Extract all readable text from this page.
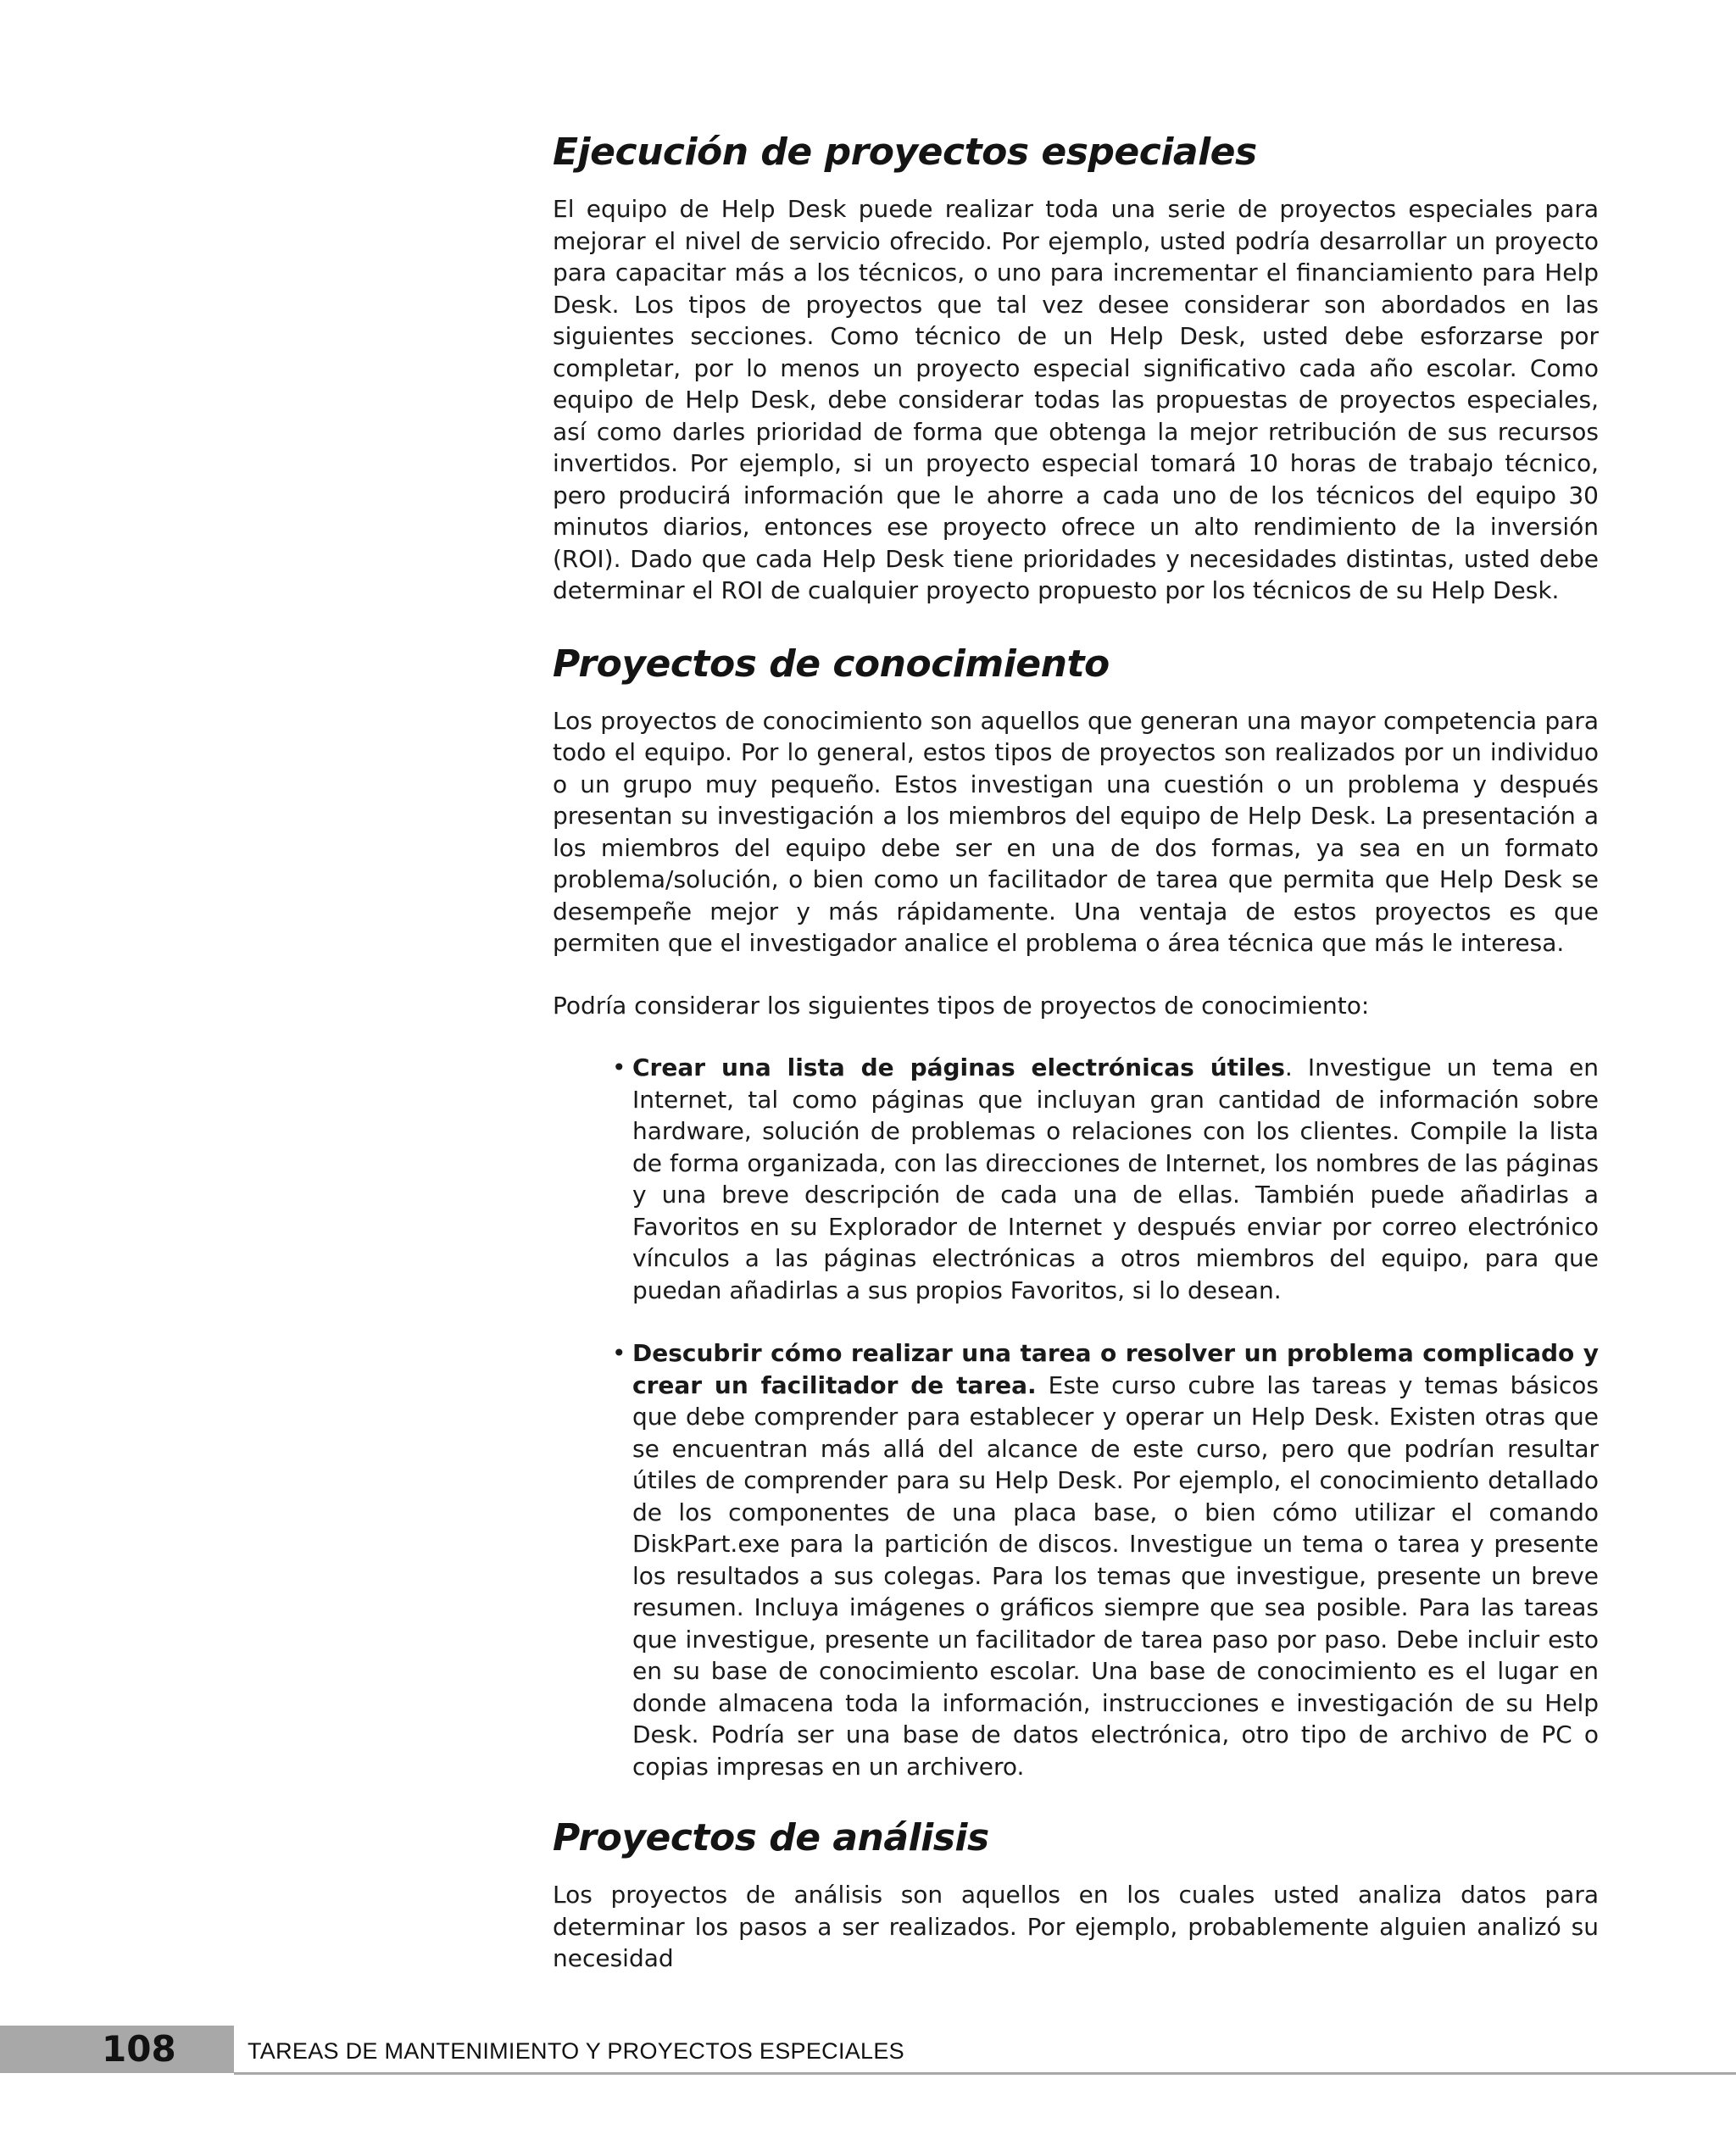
Ejecución de proyectos especiales

El equipo de Help Desk puede realizar toda una serie de proyectos especiales para mejorar el nivel de servicio ofrecido. Por ejemplo, usted podría desarrollar un proyecto para capacitar más a los técnicos, o uno para incrementar el financiamiento para Help Desk. Los tipos de proyectos que tal vez desee considerar son abordados en las siguientes secciones. Como técnico de un Help Desk, usted debe esforzarse por completar, por lo menos un proyecto especial significativo cada año escolar. Como equipo de Help Desk, debe considerar todas las propuestas de proyectos especiales, así como darles prioridad de forma que obtenga la mejor retribución de sus recursos invertidos. Por ejemplo, si un proyecto especial tomará 10 horas de trabajo técnico, pero producirá información que le ahorre a cada uno de los técnicos del equipo 30 minutos diarios, entonces ese proyecto ofrece un alto rendimiento de la inversión (ROI). Dado que cada Help Desk tiene prioridades y necesidades distintas, usted debe determinar el ROI de cualquier proyecto propuesto por los técnicos de su Help Desk.

Proyectos de conocimiento

Los proyectos de conocimiento son aquellos que generan una mayor competencia para todo el equipo. Por lo general, estos tipos de proyectos son realizados por un individuo o un grupo muy pequeño. Estos investigan una cuestión o un problema y después presentan su investigación a los miembros del equipo de Help Desk. La presentación a los miembros del equipo debe ser en una de dos formas, ya sea en un formato problema/solución, o bien como un facilitador de tarea que permita que Help Desk se desempeñe mejor y más rápidamente. Una ventaja de estos proyectos es que permiten que el investigador analice el problema o área técnica que más le interesa.

Podría considerar los siguientes tipos de proyectos de conocimiento:

• Crear una lista de páginas electrónicas útiles. Investigue un tema en Internet, tal como páginas que incluyan gran cantidad de información sobre hardware, solución de problemas o relaciones con los clientes. Compile la lista de forma organizada, con las direcciones de Internet, los nombres de las páginas y una breve descripción de cada una de ellas. También puede añadirlas a Favoritos en su Explorador de Internet y después enviar por correo electrónico vínculos a las páginas electrónicas a otros miembros del equipo, para que puedan añadirlas a sus propios Favoritos, si lo desean.
• Descubrir cómo realizar una tarea o resolver un problema complicado y crear un facilitador de tarea. Este curso cubre las tareas y temas básicos que debe comprender para establecer y operar un Help Desk. Existen otras que se encuentran más allá del alcance de este curso, pero que podrían resultar útiles de comprender para su Help Desk. Por ejemplo, el conocimiento detallado de los componentes de una placa base, o bien cómo utilizar el comando DiskPart.exe para la partición de discos. Investigue un tema o tarea y presente los resultados a sus colegas. Para los temas que investigue, presente un breve resumen. Incluya imágenes o gráficos siempre que sea posible. Para las tareas que investigue, presente un facilitador de tarea paso por paso. Debe incluir esto en su base de conocimiento escolar. Una base de conocimiento es el lugar en donde almacena toda la información, instrucciones e investigación de su Help Desk. Podría ser una base de datos electrónica, otro tipo de archivo de PC o copias impresas en un archivero.
Proyectos de análisis

Los proyectos de análisis son aquellos en los cuales usted analiza datos para determinar los pasos a ser realizados. Por ejemplo, probablemente alguien analizó su necesidad

108	TAREAS DE MANTENIMIENTO Y PROYECTOS ESPECIALES
